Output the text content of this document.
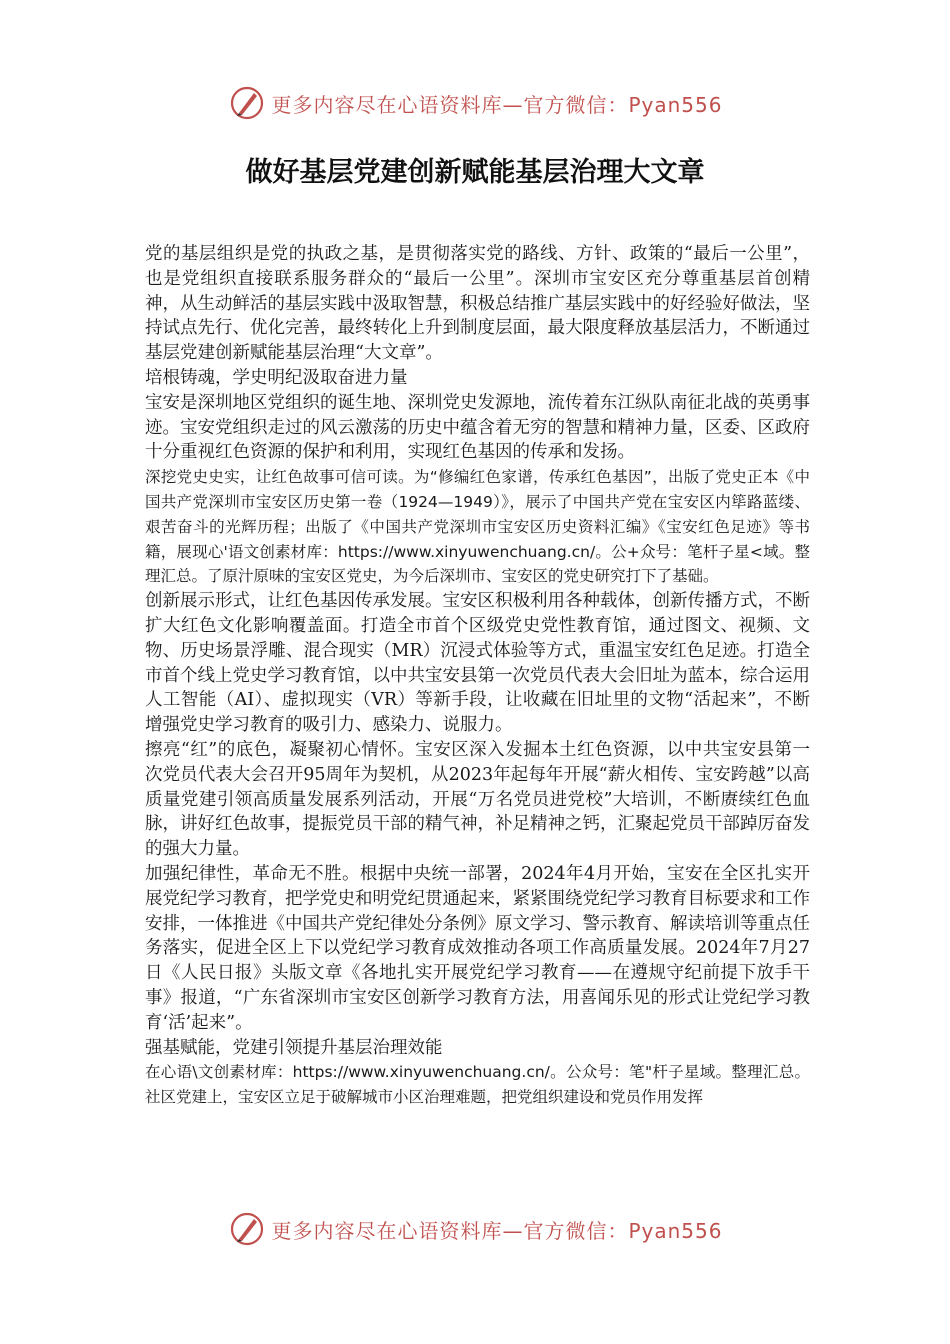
更多内容尽在心语资料库—官方微信：Pyan556
做好基层党建创新赋能基层治理大文章

党的基层组织是党的执政之基，是贯彻落实党的路线、方针、政策的“最后一公里”，也是党组织直接联系服务群众的“最后一公里”。深圳市宝安区充分尊重基层首创精神，从生动鲜活的基层实践中汲取智慧，积极总结推广基层实践中的好经验好做法，坚持试点先行、优化完善，最终转化上升到制度层面，最大限度释放基层活力，不断通过基层党建创新赋能基层治理“大文章”。

培根铸魂，学史明纪汲取奋进力量

宝安是深圳地区党组织的诞生地、深圳党史发源地，流传着东江纵队南征北战的英勇事迹。宝安党组织走过的风云激荡的历史中蕴含着无穷的智慧和精神力量，区委、区政府十分重视红色资源的保护和利用，实现红色基因的传承和发扬。

深挖党史史实，让红色故事可信可读。为“修编红色家谱，传承红色基因”，出版了党史正本《中国共产党深圳市宝安区历史第一卷（1924—1949）》，展示了中国共产党在宝安区内筚路蓝缕、艰苦奋斗的光辉历程；出版了《中国共产党深圳市宝安区历史资料汇编》《宝安红色足迹》等书籍，展现心'语文创素材库：https://www.xinyuwenchuang.cn/。公+众号：笔杆子星<域。整理汇总。了原汁原味的宝安区党史，为今后深圳市、宝安区的党史研究打下了基础。

创新展示形式，让红色基因传承发展。宝安区积极利用各种载体，创新传播方式，不断扩大红色文化影响覆盖面。打造全市首个区级党史党性教育馆，通过图文、视频、文物、历史场景浮雕、混合现实（MR）沉浸式体验等方式，重温宝安红色足迹。打造全市首个线上党史学习教育馆，以中共宝安县第一次党员代表大会旧址为蓝本，综合运用人工智能（AI）、虚拟现实（VR）等新手段，让收藏在旧址里的文物“活起来”，不断增强党史学习教育的吸引力、感染力、说服力。

擦亮“红”的底色，凝聚初心情怀。宝安区深入发掘本土红色资源，以中共宝安县第一次党员代表大会召开95周年为契机，从2023年起每年开展“薪火相传、宝安跨越”以高质量党建引领高质量发展系列活动，开展“万名党员进党校”大培训，不断赓续红色血脉，讲好红色故事，提振党员干部的精气神，补足精神之钙，汇聚起党员干部踔厉奋发的强大力量。

加强纪律性，革命无不胜。根据中央统一部署，2024年4月开始，宝安在全区扎实开展党纪学习教育，把学党史和明党纪贯通起来，紧紧围绕党纪学习教育目标要求和工作安排，一体推进《中国共产党纪律处分条例》原文学习、警示教育、解读培训等重点任务落实，促进全区上下以党纪学习教育成效推动各项工作高质量发展。2024年7月27日《人民日报》头版文章《各地扎实开展党纪学习教育——在遵规守纪前提下放手干事》报道，“广东省深圳市宝安区创新学习教育方法，用喜闻乐见的形式让党纪学习教育‘活’起来”。

强基赋能，党建引领提升基层治理效能

在心语\文创素材库：https://www.xinyuwenchuang.cn/。公众号：笔"杆子星域。整理汇总。社区党建上，宝安区立足于破解城市小区治理难题，把党组织建设和党员作用发挥

更多内容尽在心语资料库—官方微信：Pyan556
